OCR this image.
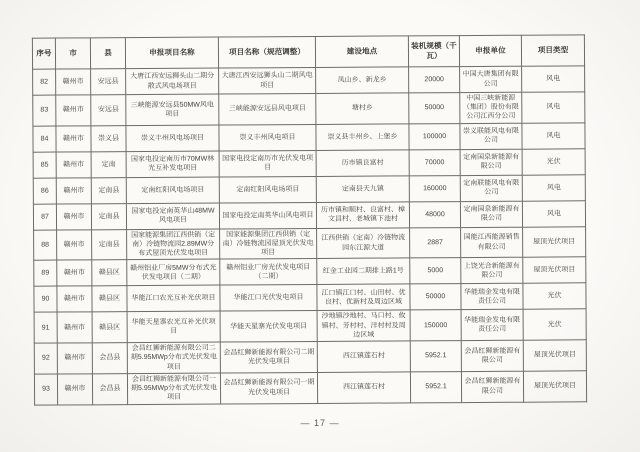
序号	市	县	申报项目名称	项目名称（规范调整）	建设地点	装机规模（千瓦）	申报单位	项目类型
82	赣州市	安远县	大唐江西安远狮头山二期分散式风电场项目	大唐江西安远狮头山二期风电项目	凤山乡、新龙乡	20000	中国大唐集团有限公司	风电
83	赣州市	安远县	三峡能源安远县50MW风电项目	三峡能源安远县风电项目	塘村乡	50000	中国三峡新能源（集团）股份有限公司江西分公司	风电
84	赣州市	崇义县	崇义丰州风电场项目	崇义丰州风电项目	崇义县丰州乡、上堡乡	100000	崇义联能风电有限公司	风电
85	赣州市	定南	国家电投定南历市70MW林光互补发电项目	国家电投定南历市光伏发电项目	历市镇良富村	70000	定南国泉新能源有限公司	光伏
86	赣州市	定南县	定南红阳风电场项目	定南红阳风电场项目	定南县天九镇	160000	定南联能风电有限公司	风电
87	赣州市	定南县	国家电投定南英华山48MW风电项目	国家电投定南英华山风电项目	历市镇和顺村、良富村、樟文昌村、老城镇下池村	48000	定南国泉新能源有限公司	风电
88	赣州市	定南县	国家能源集团江西供销（定南）冷链物流园2.89MW分布式屋顶光伏发电项目	国家能源集团江西供销（定南）冷链物流园屋顶光伏发电项目	江西供销（定南）冷链物流园东江源大道	2887	国能江西能源销售有限公司	屋顶光伏项目
89	赣州市	赣县区	赣州铝业厂房5MW分布式光伏发电项目（二期）	赣州铝业厂房光伏发电项目（二期）	红金工业园二期排上路1号	5000	上饶光合新能源有限公司	屋顶光伏项目
90	赣州市	赣县区	华能江口农光互补光伏项目	华能江口光伏发电项目	江口镇江口村、山田村、优良村、优新村及周边区域	50000	华能瑞金发电有限责任公司	光伏
91	赣州市	赣县区	华能天星寨农光互补光伏项目	华能天星寨光伏发电项目	沙地镇沙地村、马口村、攸镇村、芳村村、洋村村及周边区域	150000	华能瑞金发电有限责任公司	光伏
92	赣州市	会昌县	会昌红狮新能源有限公司二期5.95MWp分布式光伏发电项目	会昌红狮新能源有限公司二期光伏发电项目	西江镇莲石村	5952.1	会昌红狮新能源有限公司	屋顶光伏项目
93	赣州市	会昌县	会昌红狮新能源有限公司一期5.95MWp分布式光伏发电项目	会昌红狮新能源有限公司一期光伏发电项目	西江镇莲石村	5952.1	会昌红狮新能源有限公司	屋顶光伏项目
— 17 —
